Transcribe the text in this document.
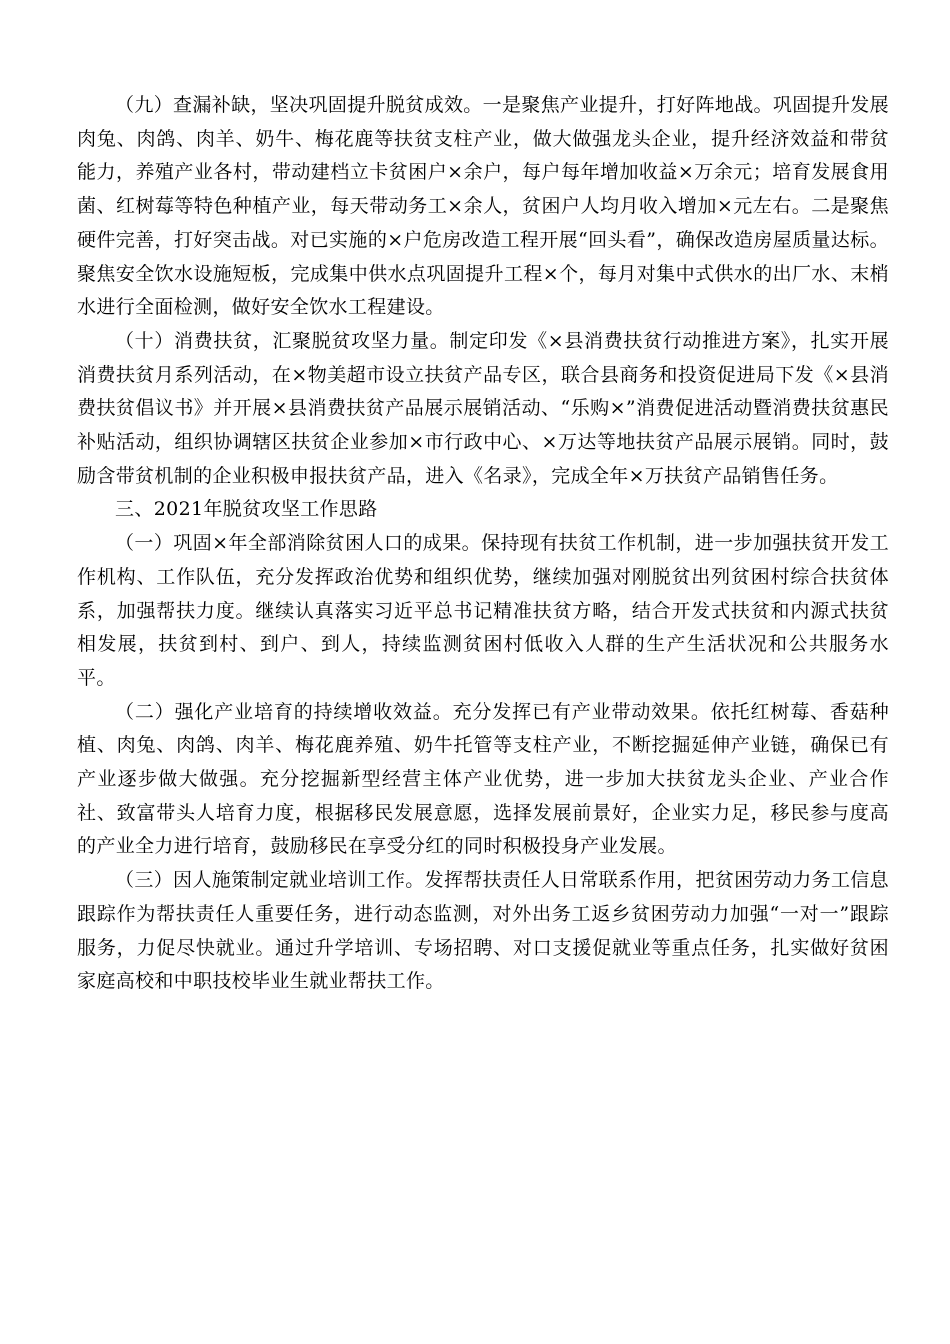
（九）查漏补缺，坚决巩固提升脱贫成效。一是聚焦产业提升，打好阵地战。巩固提升发展肉兔、肉鸽、肉羊、奶牛、梅花鹿等扶贫支柱产业，做大做强龙头企业，提升经济效益和带贫能力，养殖产业各村，带动建档立卡贫困户×余户，每户每年增加收益×万余元；培育发展食用菌、红树莓等特色种植产业，每天带动务工×余人，贫困户人均月收入增加×元左右。二是聚焦硬件完善，打好突击战。对已实施的×户危房改造工程开展“回头看”，确保改造房屋质量达标。聚焦安全饮水设施短板，完成集中供水点巩固提升工程×个，每月对集中式供水的出厂水、末梢水进行全面检测，做好安全饮水工程建设。

（十）消费扶贫，汇聚脱贫攻坚力量。制定印发《×县消费扶贫行动推进方案》，扎实开展消费扶贫月系列活动，在×物美超市设立扶贫产品专区，联合县商务和投资促进局下发《×县消费扶贫倡议书》并开展×县消费扶贫产品展示展销活动、“乐购×”消费促进活动暨消费扶贫惠民补贴活动，组织协调辖区扶贫企业参加×市行政中心、×万达等地扶贫产品展示展销。同时，鼓励含带贫机制的企业积极申报扶贫产品，进入《名录》，完成全年×万扶贫产品销售任务。

三、2021年脱贫攻坚工作思路

（一）巩固×年全部消除贫困人口的成果。保持现有扶贫工作机制，进一步加强扶贫开发工作机构、工作队伍，充分发挥政治优势和组织优势，继续加强对刚脱贫出列贫困村综合扶贫体系，加强帮扶力度。继续认真落实习近平总书记精准扶贫方略，结合开发式扶贫和内源式扶贫相发展，扶贫到村、到户、到人，持续监测贫困村低收入人群的生产生活状况和公共服务水平。

（二）强化产业培育的持续增收效益。充分发挥已有产业带动效果。依托红树莓、香菇种植、肉兔、肉鸽、肉羊、梅花鹿养殖、奶牛托管等支柱产业，不断挖掘延伸产业链，确保已有产业逐步做大做强。充分挖掘新型经营主体产业优势，进一步加大扶贫龙头企业、产业合作社、致富带头人培育力度，根据移民发展意愿，选择发展前景好，企业实力足，移民参与度高的产业全力进行培育，鼓励移民在享受分红的同时积极投身产业发展。

（三）因人施策制定就业培训工作。发挥帮扶责任人日常联系作用，把贫困劳动力务工信息跟踪作为帮扶责任人重要任务，进行动态监测，对外出务工返乡贫困劳动力加强“一对一”跟踪服务，力促尽快就业。通过升学培训、专场招聘、对口支援促就业等重点任务，扎实做好贫困家庭高校和中职技校毕业生就业帮扶工作。
